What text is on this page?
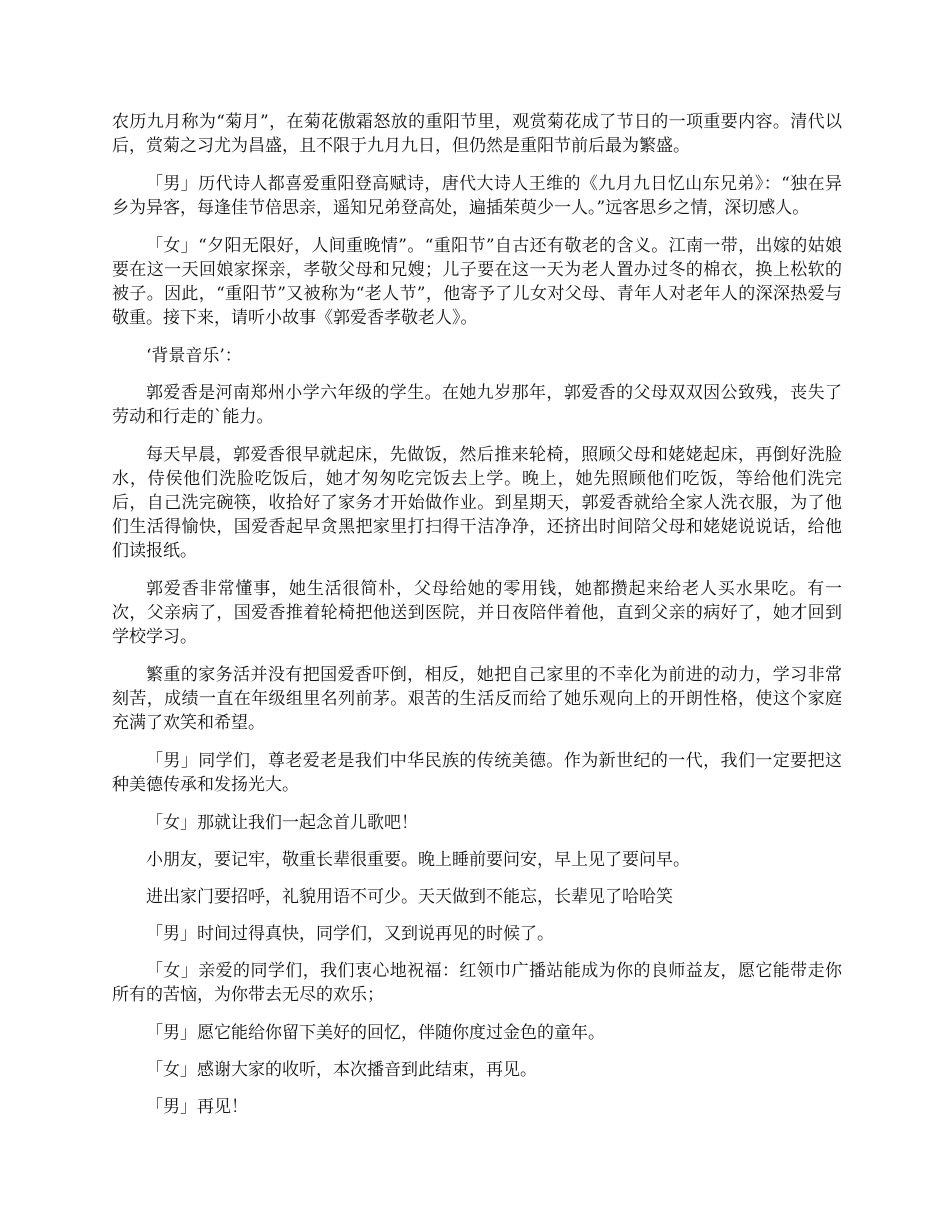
农历九月称为“菊月”，在菊花傲霜怒放的重阳节里，观赏菊花成了节日的一项重要内容。清代以后，赏菊之习尤为昌盛，且不限于九月九日，但仍然是重阳节前后最为繁盛。

「男」历代诗人都喜爱重阳登高赋诗，唐代大诗人王维的《九月九日忆山东兄弟》：“独在异乡为异客，每逢佳节倍思亲，遥知兄弟登高处，遍插茱萸少一人。”远客思乡之情，深切感人。

「女」“夕阳无限好，人间重晚情”。“重阳节”自古还有敬老的含义。江南一带，出嫁的姑娘要在这一天回娘家探亲，孝敬父母和兄嫂；儿子要在这一天为老人置办过冬的棉衣，换上松软的被子。因此，“重阳节”又被称为“老人节”，他寄予了儿女对父母、青年人对老年人的深深热爱与敬重。接下来，请听小故事《郭爱香孝敬老人》。

‘背景音乐’：

郭爱香是河南郑州小学六年级的学生。在她九岁那年，郭爱香的父母双双因公致残，丧失了劳动和行走的`能力。

每天早晨，郭爱香很早就起床，先做饭，然后推来轮椅，照顾父母和姥姥起床，再倒好洗脸水，侍侯他们洗脸吃饭后，她才匆匆吃完饭去上学。晚上，她先照顾他们吃饭，等给他们洗完后，自己洗完碗筷，收拾好了家务才开始做作业。到星期天，郭爱香就给全家人洗衣服，为了他们生活得愉快，国爱香起早贪黑把家里打扫得干洁净净，还挤出时间陪父母和姥姥说说话，给他们读报纸。

郭爱香非常懂事，她生活很简朴，父母给她的零用钱，她都攒起来给老人买水果吃。有一次，父亲病了，国爱香推着轮椅把他送到医院，并日夜陪伴着他，直到父亲的病好了，她才回到学校学习。

繁重的家务活并没有把国爱香吓倒，相反，她把自己家里的不幸化为前进的动力，学习非常刻苦，成绩一直在年级组里名列前茅。艰苦的生活反而给了她乐观向上的开朗性格，使这个家庭充满了欢笑和希望。

「男」同学们，尊老爱老是我们中华民族的传统美德。作为新世纪的一代，我们一定要把这种美德传承和发扬光大。

「女」那就让我们一起念首儿歌吧！

小朋友，要记牢，敬重长辈很重要。晚上睡前要问安，早上见了要问早。

进出家门要招呼，礼貌用语不可少。天天做到不能忘，长辈见了哈哈笑

「男」时间过得真快，同学们，又到说再见的时候了。

「女」亲爱的同学们，我们衷心地祝福：红领巾广播站能成为你的良师益友，愿它能带走你所有的苦恼，为你带去无尽的欢乐；

「男」愿它能给你留下美好的回忆，伴随你度过金色的童年。

「女」感谢大家的收听，本次播音到此结束，再见。

「男」再见！
